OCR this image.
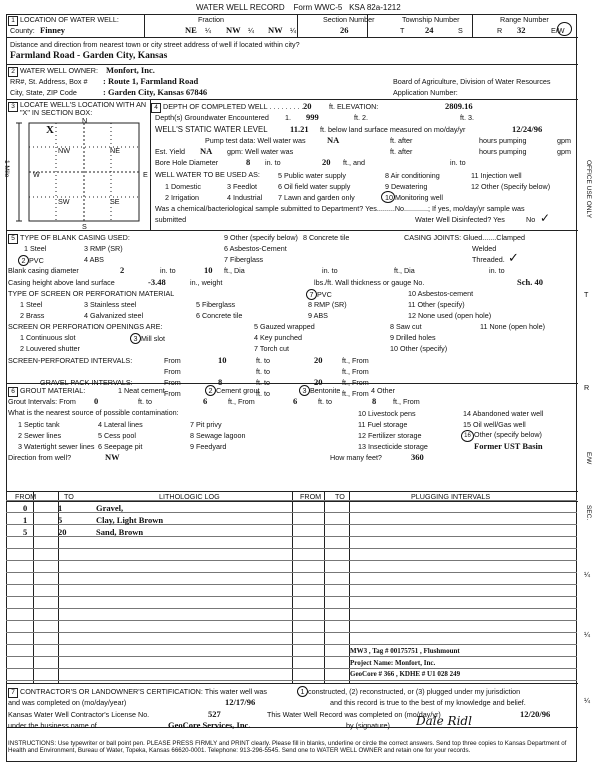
WATER WELL RECORD Form WWC-5 KSA 82a-1212
1 LOCATION OF WATER WELL:	Fraction	Section Number	Township Number	Range Number
County: Finney	NE ¼ NW ¼ NW ¼	26	T 24	S	R 32	E/W
Distance and direction from nearest town or city street address of well if located within city?
Farmland Road - Garden City, Kansas
2 WATER WELL OWNER: Monfort, Inc.
RR#, St. Address, Box # : Route 1, Farmland Road
City, State, ZIP Code	: Garden City, Kansas 67846
Board of Agriculture, Division of Water Resources
Application Number:
3 LOCATE WELL'S LOCATION WITH AN "X" IN SECTION BOX:
N
S
E
W
NW	NE
SW	SE
X
1 Mile
4 DEPTH OF COMPLETED WELL . . . . . . . . . 20 ft. ELEVATION:	2809.16
Depth(s) Groundwater Encountered 1. 999	ft. 2.	ft. 3.
WELL'S STATIC WATER LEVEL	11.21 ft. below land surface measured on mo/day/yr	12/24/96
Pump test data: Well water was	NA	ft. after	hours pumping	gpm
Est. Yield NA gpm: Well water was	ft. after	hours pumping	gpm
Bore Hole Diameter	8 in. to	20 ft., and	in. to
WELL WATER TO BE USED AS:
1 Domestic	3 Feedlot
5 Public water supply	8 Air conditioning	11 Injection well
2 Irrigation	4 Industrial 7 Lawn and garden only
9 Dewatering	12 Other (Specify below)
6 Oil field water supply
10 Monitoring well
Was a chemical/bacteriological sample submitted to Department? Yes.........No............; If yes, mo/day/yr sample was
submitted	Water Well Disinfected? Yes	No ✓
5 TYPE OF BLANK CASING USED:	9 Other (specify below) 8 Concrete tile	CASING JOINTS: Glued.......Clamped
1 Steel	3 RMP (SR)	6 Asbestos-Cement	Welded
2 PVC	4 ABS	7 Fiberglass	Threaded. ✓
Blank casing diameter	2	in. to	10 ft., Dia	in. to	ft., Dia	in. to
Casing height above land surface	-3.48	in., weight	lbs./ft. Wall thickness or gauge No.	Sch. 40
TYPE OF SCREEN OR PERFORATION MATERIAL	7 PVC	10 Asbestos-cement
1 Steel	3 Stainless steel	5 Fiberglass	8 RMP (SR)	11 Other (specify)
2 Brass	4 Galvanized steel	6 Concrete tile	9 ABS	12 None used (open hole)
SCREEN OR PERFORATION OPENINGS ARE:	5 Gauzed wrapped	8 Saw cut	11 None (open hole)
1 Continuous slot	3 Mill slot	4 Key punched	9 Drilled holes
2 Louvered shutter	7 Torch cut	10 Other (specify)
SCREEN-PERFORATED INTERVALS:	From	10	ft. to	20	ft., From
From	ft. to	ft., From
GRAVEL PACK INTERVALS:	From	8	ft. to	20	ft., From
From	ft. to	ft., From
6 GROUT MATERIAL:	1 Neat cement	2 Cement grout	3 Bentonite	4 Other
Grout Intervals: From 0	ft. to	6	ft., From	6	ft. to	8 ft., From
What is the nearest source of possible contamination:
1 Septic tank	4 Lateral lines	7 Pit privy
10 Livestock pens	14 Abandoned water well
2 Sewer lines	5 Cess pool	8 Sewage lagoon
11 Fuel storage	15 Oil well/Gas well
3 Watertight sewer lines 6 Seepage pit	9 Feedyard
12 Fertilizer storage	16 Other (specify below)
13 Insecticide storage	Former UST Basin
Direction from well?	NW	How many feet?	360
FROM	TO	LITHOLOGIC LOG	FROM TO	PLUGGING INTERVALS
0	1	Gravel,
1	5	Clay, Light Brown
5	20	Sand, Brown
MW3 , Tag # 00175751 , Flushmount
Project Name: Monfort, Inc.
GeoCore # 366 , KDHE # U1 028 249
7 CONTRACTOR'S OR LANDOWNER'S CERTIFICATION: This water well was	1 constructed, (2) reconstructed, or (3) plugged under my jurisdiction
and was completed on (mo/day/year)	12/17/96	and this record is true to the best of my knowledge and belief.
Kansas Water Well Contractor's License No.	527	This Water Well Record was completed on (mo/day/yr)	12/20/96
under the business name of	GeoCore Services, Inc.	by (signature) Dale Ridl
INSTRUCTIONS: Use typewriter or ball point pen. PLEASE PRESS FIRMLY and PRINT clearly. Please fill in blanks, underline or circle the correct answers. Send top three copies to Kansas Department of Health and Environment, Bureau of Water, Topeka, Kansas 66620-0001. Telephone: 913-296-5545. Send one to WATER WELL OWNER and retain one for your records.
OFFICE USE ONLY
T
R
E/W
SEC.
¼
¼
¼
